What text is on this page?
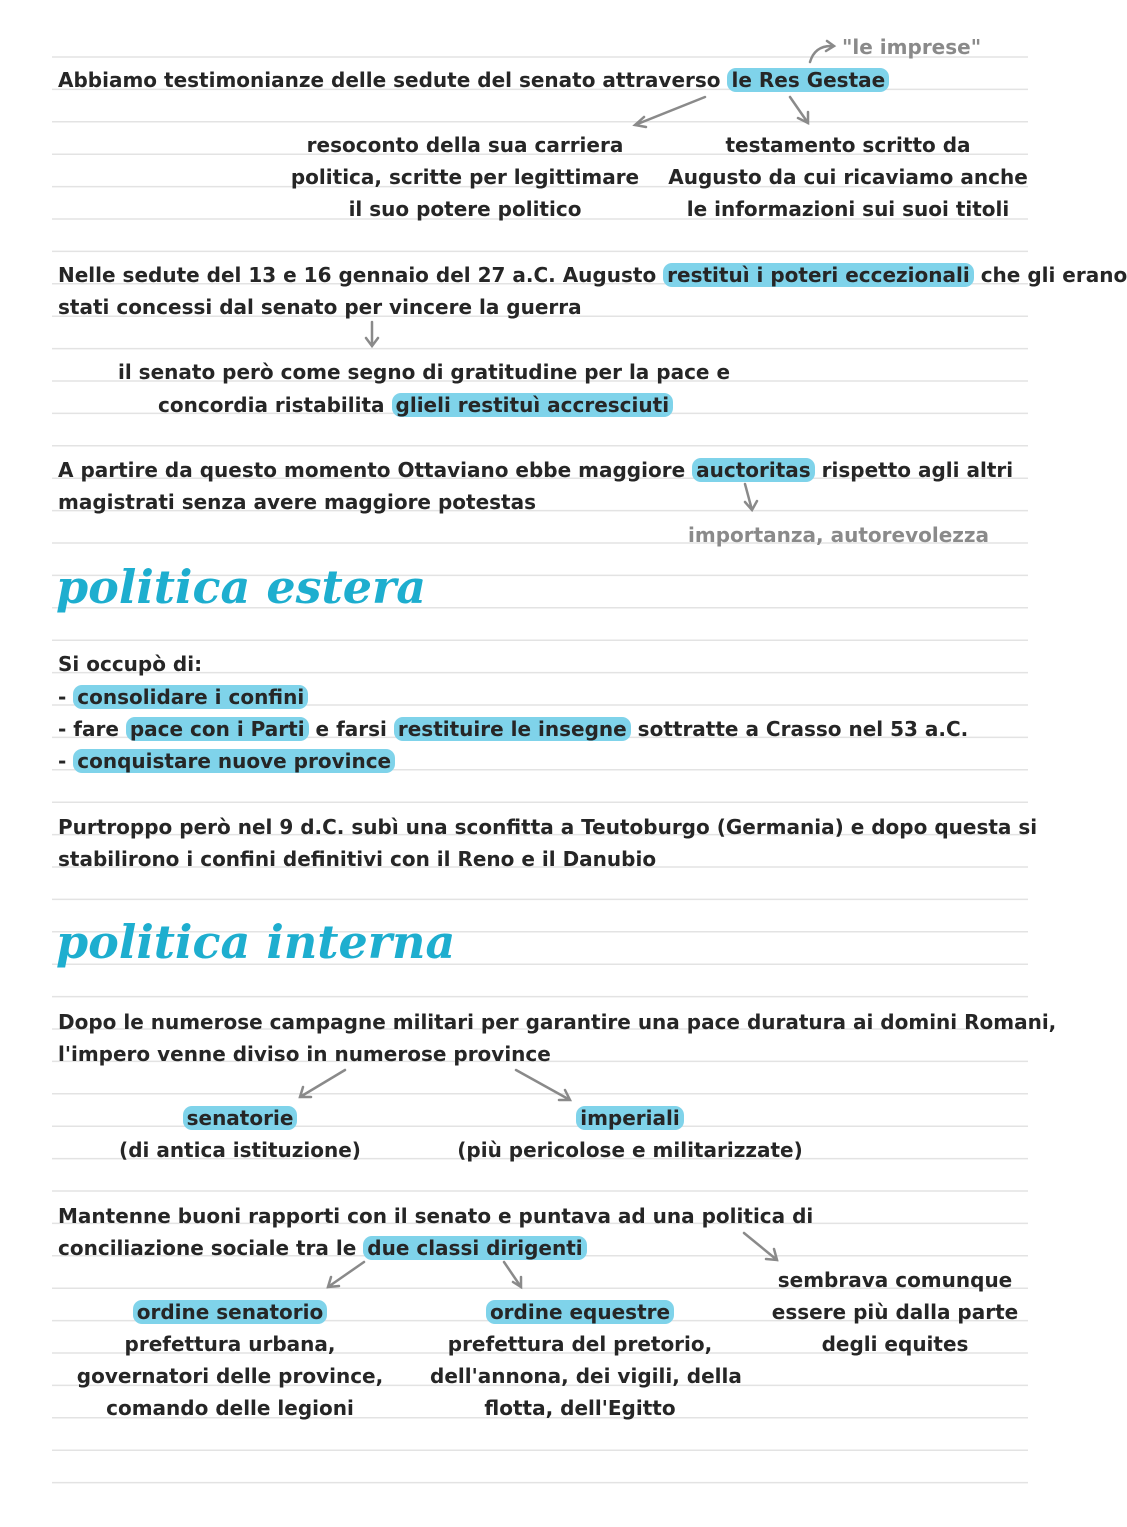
"le imprese"
Abbiamo testimonianze delle sedute del senato attraverso le Res Gestae
resoconto della sua carriera
politica, scritte per legittimare
il suo potere politico
testamento scritto da
Augusto da cui ricaviamo anche
le informazioni sui suoi titoli
Nelle sedute del 13 e 16 gennaio del 27 a.C. Augusto restituì i poteri eccezionali che gli erano
stati concessi dal senato per vincere la guerra
il senato però come segno di gratitudine per la pace e
concordia ristabilita glieli restituì accresciuti
A partire da questo momento Ottaviano ebbe maggiore auctoritas rispetto agli altri
magistrati senza avere maggiore potestas
importanza, autorevolezza
politica estera
Si occupò di:
- consolidare i confini
- fare pace con i Parti e farsi restituire le insegne sottratte a Crasso nel 53 a.C.
- conquistare nuove province
Purtroppo però nel 9 d.C. subì una sconfitta a Teutoburgo (Germania) e dopo questa si
stabilirono i confini definitivi con il Reno e il Danubio
politica interna
Dopo le numerose campagne militari per garantire una pace duratura ai domini Romani,
l'impero venne diviso in numerose province
senatorie
(di antica istituzione)
imperiali
(più pericolose e militarizzate)
Mantenne buoni rapporti con il senato e puntava ad una politica di
conciliazione sociale tra le due classi dirigenti
sembrava comunque
essere più dalla parte
degli equites
ordine senatorio
prefettura urbana,
governatori delle province,
comando delle legioni
ordine equestre
prefettura del pretorio,
dell'annona, dei vigili, della
flotta, dell'Egitto
